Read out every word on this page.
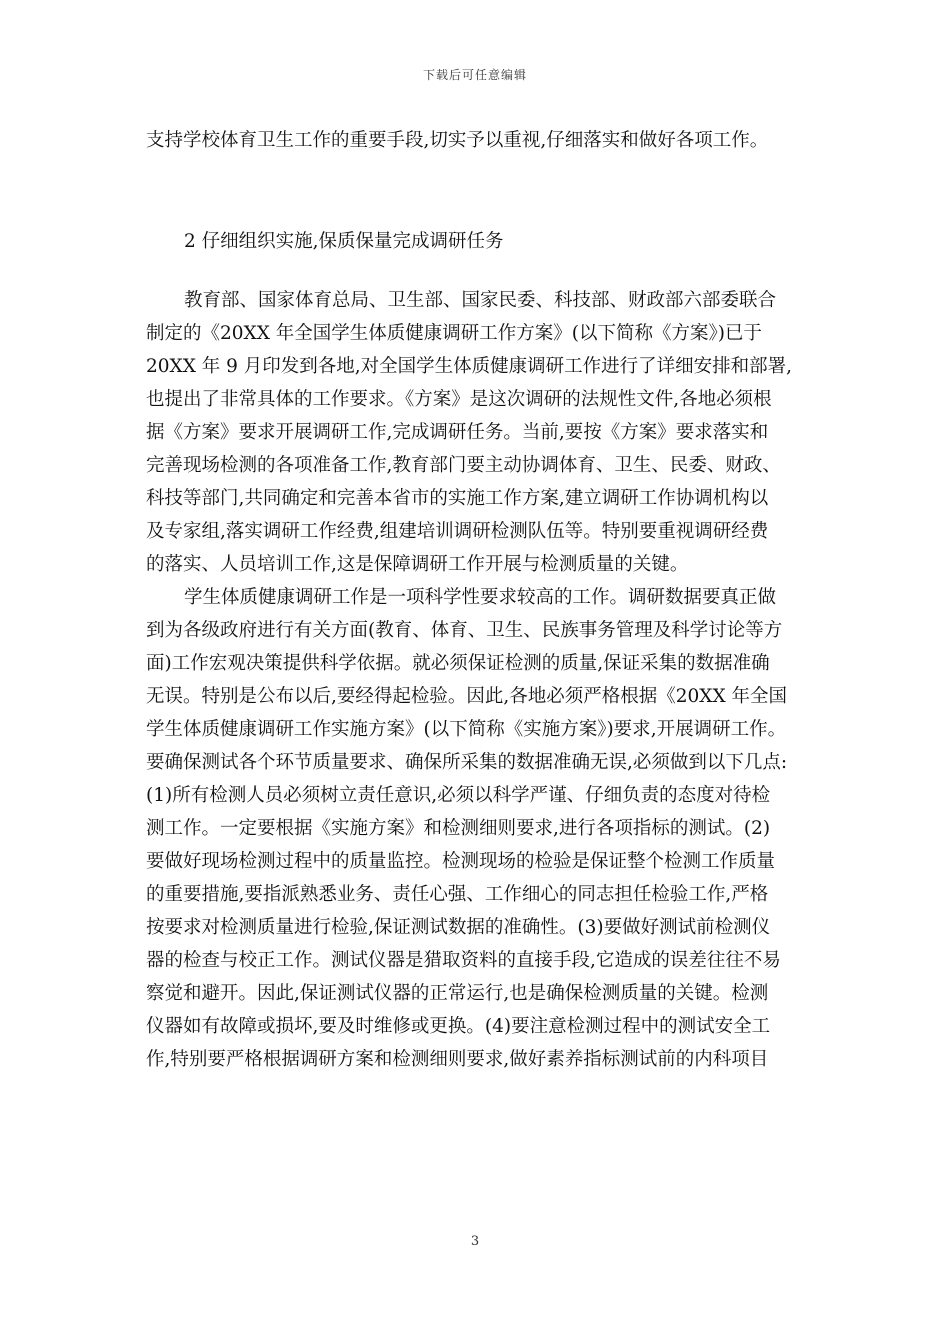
下载后可任意编辑
支持学校体育卫生工作的重要手段,切实予以重视,仔细落实和做好各项工作。
2 仔细组织实施,保质保量完成调研任务
教育部、国家体育总局、卫生部、国家民委、科技部、财政部六部委联合
制定的《20XX 年全国学生体质健康调研工作方案》(以下简称《方案》)已于
20XX 年 9 月印发到各地,对全国学生体质健康调研工作进行了详细安排和部署,
也提出了非常具体的工作要求。《方案》是这次调研的法规性文件,各地必须根
据《方案》要求开展调研工作,完成调研任务。当前,要按《方案》要求落实和
完善现场检测的各项准备工作,教育部门要主动协调体育、卫生、民委、财政、
科技等部门,共同确定和完善本省市的实施工作方案,建立调研工作协调机构以
及专家组,落实调研工作经费,组建培训调研检测队伍等。特别要重视调研经费
的落实、人员培训工作,这是保障调研工作开展与检测质量的关键。
学生体质健康调研工作是一项科学性要求较高的工作。调研数据要真正做
到为各级政府进行有关方面(教育、体育、卫生、民族事务管理及科学讨论等方
面)工作宏观决策提供科学依据。就必须保证检测的质量,保证采集的数据准确
无误。特别是公布以后,要经得起检验。因此,各地必须严格根据《20XX 年全国
学生体质健康调研工作实施方案》(以下简称《实施方案》)要求,开展调研工作。
要确保测试各个环节质量要求、确保所采集的数据准确无误,必须做到以下几点:
(1)所有检测人员必须树立责任意识,必须以科学严谨、仔细负责的态度对待检
测工作。一定要根据《实施方案》和检测细则要求,进行各项指标的测试。(2)
要做好现场检测过程中的质量监控。检测现场的检验是保证整个检测工作质量
的重要措施,要指派熟悉业务、责任心强、工作细心的同志担任检验工作,严格
按要求对检测质量进行检验,保证测试数据的准确性。(3)要做好测试前检测仪
器的检查与校正工作。测试仪器是猎取资料的直接手段,它造成的误差往往不易
察觉和避开。因此,保证测试仪器的正常运行,也是确保检测质量的关键。检测
仪器如有故障或损坏,要及时维修或更换。(4)要注意检测过程中的测试安全工
作,特别要严格根据调研方案和检测细则要求,做好素养指标测试前的内科项目
3
